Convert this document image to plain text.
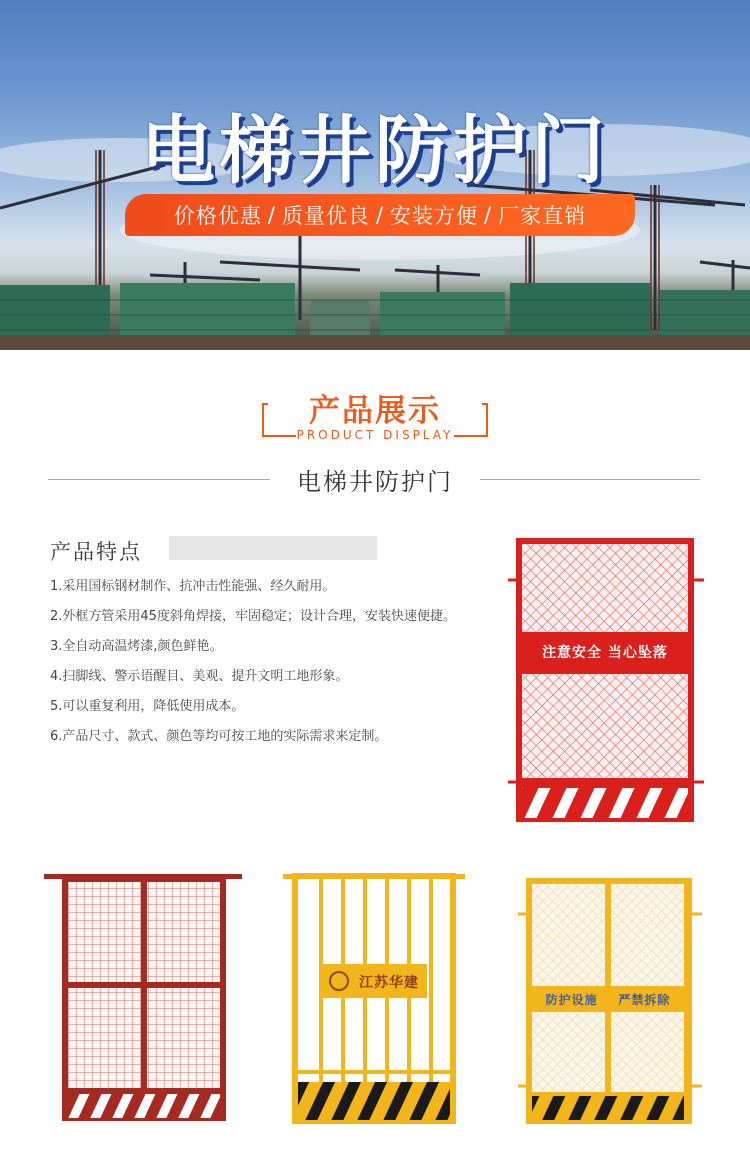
电梯井防护门
价格优惠 / 质量优良 / 安装方便 / 厂家直销
产品展示
PRODUCT DISPLAY
电梯井防护门
产品特点
1.采用国标钢材制作、抗冲击性能强、经久耐用。
2.外框方管采用45度斜角焊接，牢固稳定；设计合理，安装快速便捷。
3.全自动高温烤漆,颜色鲜艳。
4.扫脚线、警示语醒目、美观、提升文明工地形象。
5.可以重复利用，降低使用成本。
6.产品尺寸、款式、颜色等均可按工地的实际需求来定制。
注意安全 当心坠落
江苏华建
防护设施    严禁拆除
